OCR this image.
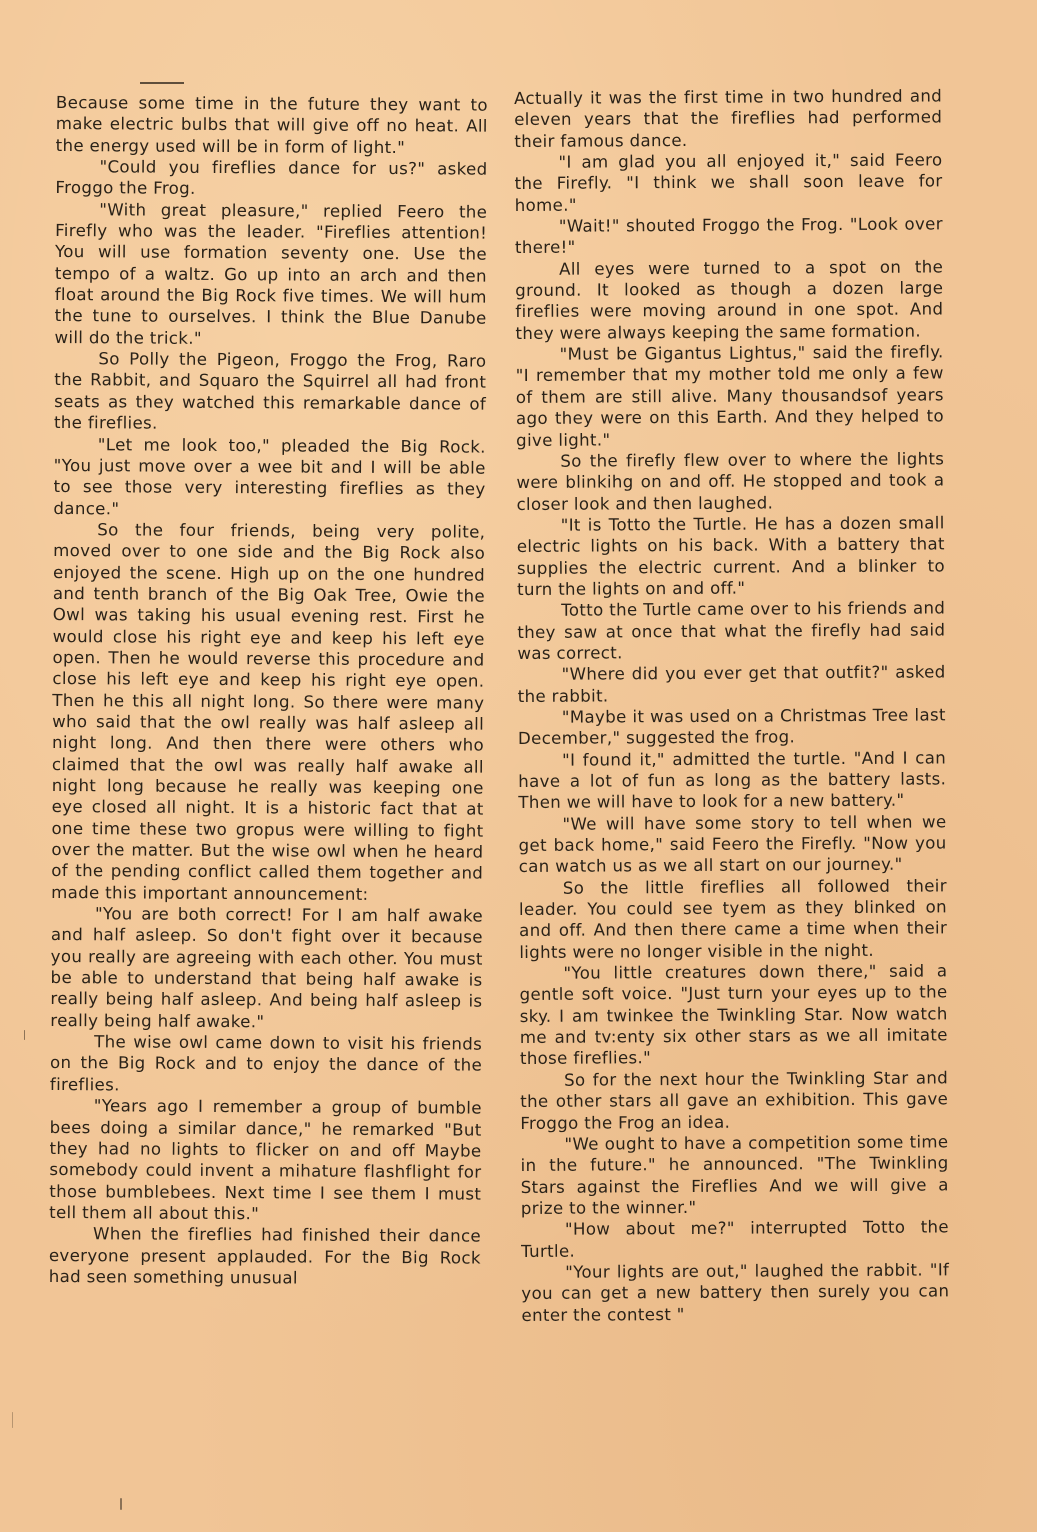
Because some time in the future they want to make electric bulbs that will give off no heat. All the energy used will be in form of light."

"Could you fireflies dance for us?" asked Froggo the Frog.

"With great pleasure," replied Feero the Firefly who was the leader. "Fireflies attention! You will use formation seventy one. Use the tempo of a waltz. Go up into an arch and then float around the Big Rock five times. We will hum the tune to ourselves. I think the Blue Danube will do the trick."

So Polly the Pigeon, Froggo the Frog, Raro the Rabbit, and Squaro the Squirrel all had front seats as they watched this remarkable dance of the fireflies.

"Let me look too," pleaded the Big Rock. "You just move over a wee bit and I will be able to see those very interesting fireflies as they dance."

So the four friends, being very polite, moved over to one side and the Big Rock also enjoyed the scene. High up on the one hundred and tenth branch of the Big Oak Tree, Owie the Owl was taking his usual evening rest. First he would close his right eye and keep his left eye open. Then he would reverse this procedure and close his left eye and keep his right eye open. Then he this all night long. So there were many who said that the owl really was half asleep all night long. And then there were others who claimed that the owl was really half awake all night long because he really was keeping one eye closed all night. It is a historic fact that at one time these two gropus were willing to fight over the matter. But the wise owl when he heard of the pending conflict called them together and made this important announcement:

"You are both correct! For I am half awake and half asleep. So don't fight over it because you really are agreeing with each other. You must be able to understand that being half awake is really being half asleep. And being half asleep is really being half awake."

The wise owl came down to visit his friends on the Big Rock and to enjoy the dance of the fireflies.

"Years ago I remember a group of bumble bees doing a similar dance," he remarked "But they had no lights to flicker on and off Maybe somebody could invent a mihature flashflight for those bumblebees. Next time I see them I must tell them all about this."

When the fireflies had finished their dance everyone present applauded. For the Big Rock had seen something unusual

Actually it was the first time in two hundred and eleven years that the fireflies had performed their famous dance.

"I am glad you all enjoyed it," said Feero the Firefly. "I think we shall soon leave for home."

"Wait!" shouted Froggo the Frog. "Look over there!"

All eyes were turned to a spot on the ground. It looked as though a dozen large fireflies were moving around in one spot. And they were always keeping the same formation.

"Must be Gigantus Lightus," said the firefly. "I remember that my mother told me only a few of them are still alive. Many thousandsof years ago they were on this Earth. And they helped to give light."

So the firefly flew over to where the lights were blinkihg on and off. He stopped and took a closer look and then laughed.

"It is Totto the Turtle. He has a dozen small electric lights on his back. With a battery that supplies the electric current. And a blinker to turn the lights on and off."

Totto the Turtle came over to his friends and they saw at once that what the firefly had said was correct.

"Where did you ever get that outfit?" asked the rabbit.

"Maybe it was used on a Christmas Tree last December," suggested the frog.

"I found it," admitted the turtle. "And I can have a lot of fun as long as the battery lasts. Then we will have to look for a new battery."

"We will have some story to tell when we get back home," said Feero the Firefly. "Now you can watch us as we all start on our journey."

So the little fireflies all followed their leader. You could see tyem as they blinked on and off. And then there came a time when their lights were no longer visible in the night.

"You little creatures down there," said a gentle soft voice. "Just turn your eyes up to the sky. I am twinkee the Twinkling Star. Now watch me and tv:enty six other stars as we all imitate those fireflies."

So for the next hour the Twinkling Star and the other stars all gave an exhibition. This gave Froggo the Frog an idea.

"We ought to have a competition some time in the future." he announced. "The Twinkling Stars against the Fireflies And we will give a prize to the winner."

"How about me?" interrupted Totto the Turtle.

"Your lights are out," laughed the rabbit. "If you can get a new battery then surely you can enter the contest "
